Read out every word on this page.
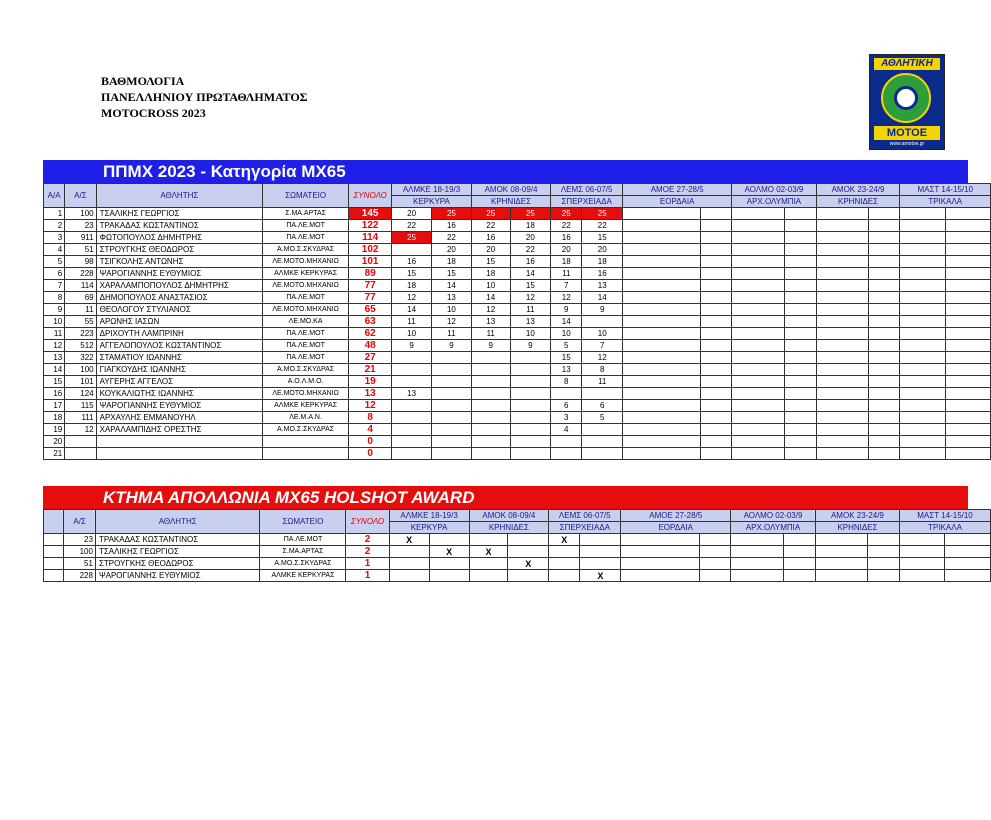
ΒΑΘΜΟΛΟΓΙΑ
ΠΑΝΕΛΛΗΝΙΟΥ ΠΡΩΤΑΘΛΗΜΑΤΟΣ
MOTOCROSS 2023
ΑΘΛΗΤΙΚΗ
ΜΟΤΟΕ
www.amotoe.gr
ΠΠΜΧ 2023 - Κατηγορία MX65
Α/Α	Α/Σ	ΑΘΛΗΤΗΣ	ΣΩΜΑΤΕΙΟ	ΣΥΝΟΛΟ	ΑΛΜΚΕ 18-19/3		ΑΜΟΚ 08-09/4		ΛΕΜΣ 06-07/5		ΑΜΟΕ 27-28/5		ΑΟΛΜΟ 02-03/9		ΑΜΟΚ 23-24/9		ΜΑΣΤ 14-15/10	
					ΚΕΡΚΥΡΑ		ΚΡΗΝΙΔΕΣ		ΣΠΕΡΧΕΙΑΔΑ		ΕΟΡΔΑΙΑ		ΑΡΧ.ΟΛΥΜΠΙΑ		ΚΡΗΝΙΔΕΣ		ΤΡΙΚΑΛΑ	
1	100	ΤΣΑΛΙΚΗΣ ΓΕΩΡΓΙΟΣ	Σ.ΜΑ.ΑΡΤΑΣ	145	20	25	25	25	25	25								
2	23	ΤΡΑΚΑΔΑΣ ΚΩΣΤΑΝΤΙΝΟΣ	ΠΑ.ΛΕ.ΜΟΤ	122	22	16	22	18	22	22								
3	911	ΦΩΤΟΠΟΥΛΟΣ ΔΗΜΗΤΡΗΣ	ΠΑ.ΛΕ.ΜΟΤ	114	25	22	16	20	16	15								
4	51	ΣΤΡΟΥΓΚΗΣ ΘΕΟΔΩΡΟΣ	Α.ΜΟ.Σ.ΣΚΥΔΡΑΣ	102		20	20	22	20	20								
5	98	ΤΣΙΓΚΟΛΗΣ ΑΝΤΩΝΗΣ	ΛΕ.ΜΟΤΟ.ΜΗΧΑΝΙΩ	101	16	18	15	16	18	18								
6	228	ΨΑΡΟΓΙΑΝΝΗΣ ΕΥΘΥΜΙΟΣ	ΑΛΜΚΕ ΚΕΡΚΥΡΑΣ	89	15	15	18	14	11	16								
7	114	ΧΑΡΑΛΑΜΠΟΠΟΥΛΟΣ ΔΗΜΗΤΡΗΣ	ΛΕ.ΜΟΤΟ.ΜΗΧΑΝΙΩ	77	18	14	10	15	7	13								
8	69	ΔΗΜΟΠΟΥΛΟΣ ΑΝΑΣΤΑΣΙΟΣ	ΠΑ.ΛΕ.ΜΟΤ	77	12	13	14	12	12	14								
9	11	ΘΕΟΛΟΓΟΥ ΣΤΥΛΙΑΝΟΣ	ΛΕ.ΜΟΤΟ.ΜΗΧΑΝΙΩ	65	14	10	12	11	9	9								
10	55	ΑΡΩΝΗΣ ΙΑΣΩΝ	ΛΕ.ΜΟ.ΚΑ	63	11	12	13	13	14									
11	223	ΔΡΙΧΟΥΤΗ ΛΑΜΠΡΙΝΗ	ΠΑ.ΛΕ.ΜΟΤ	62	10	11	11	10	10	10								
12	512	ΑΓΓΕΛΟΠΟΥΛΟΣ ΚΩΣΤΑΝΤΙΝΟΣ	ΠΑ.ΛΕ.ΜΟΤ	48	9	9	9	9	5	7								
13	322	ΣΤΑΜΑΤΙΟΥ ΙΩΑΝΝΗΣ	ΠΑ.ΛΕ.ΜΟΤ	27					15	12								
14	100	ΓΙΑΓΚΟΥΔΗΣ ΙΩΑΝΝΗΣ	Α.ΜΟ.Σ.ΣΚΥΔΡΑΣ	21					13	8								
15	101	ΑΥΓΕΡΗΣ ΑΓΓΕΛΟΣ	Α.Ο.Λ.Μ.Ο.	19					8	11								
16	124	ΚΟΥΚΑΛΙΩΤΗΣ ΙΩΑΝΝΗΣ	ΛΕ.ΜΟΤΟ.ΜΗΧΑΝΙΩ	13	13													
17	115	ΨΑΡΟΓΙΑΝΝΗΣ ΕΥΘΥΜΙΟΣ	ΑΛΜΚΕ ΚΕΡΚΥΡΑΣ	12					6	6								
18	111	ΑΡΧΑΥΛΗΣ ΕΜΜΑΝΟΥΗΛ	ΛΕ.Μ.Α.Ν.	8					3	5								
19	12	ΧΑΡΑΛΑΜΠΙΔΗΣ ΟΡΕΣΤΗΣ	Α.ΜΟ.Σ.ΣΚΥΔΡΑΣ	4					4									
20				0														
21				0														
ΚΤΗΜΑ ΑΠΟΛΛΩΝΙΑ MX65 HOLSHOT AWARD
	Α/Σ	ΑΘΛΗΤΗΣ	ΣΩΜΑΤΕΙΟ	ΣΥΝΟΛΟ	ΑΛΜΚΕ 18-19/3		ΑΜΟΚ 08-09/4		ΛΕΜΣ 06-07/5		ΑΜΟΕ 27-28/5		ΑΟΛΜΟ 02-03/9		ΑΜΟΚ 23-24/9		ΜΑΣΤ 14-15/10	
					ΚΕΡΚΥΡΑ		ΚΡΗΝΙΔΕΣ		ΣΠΕΡΧΕΙΑΔΑ		ΕΟΡΔΑΙΑ		ΑΡΧ.ΟΛΥΜΠΙΑ		ΚΡΗΝΙΔΕΣ		ΤΡΙΚΑΛΑ	
	23	ΤΡΑΚΑΔΑΣ ΚΩΣΤΑΝΤΙΝΟΣ	ΠΑ.ΛΕ.ΜΟΤ	2	X				X									
	100	ΤΣΑΛΙΚΗΣ ΓΕΩΡΓΙΟΣ	Σ.ΜΑ.ΑΡΤΑΣ	2		X	X											
	51	ΣΤΡΟΥΓΚΗΣ ΘΕΟΔΩΡΟΣ	Α.ΜΟ.Σ.ΣΚΥΔΡΑΣ	1				X										
	228	ΨΑΡΟΓΙΑΝΝΗΣ ΕΥΘΥΜΙΟΣ	ΑΛΜΚΕ ΚΕΡΚΥΡΑΣ	1						X								
